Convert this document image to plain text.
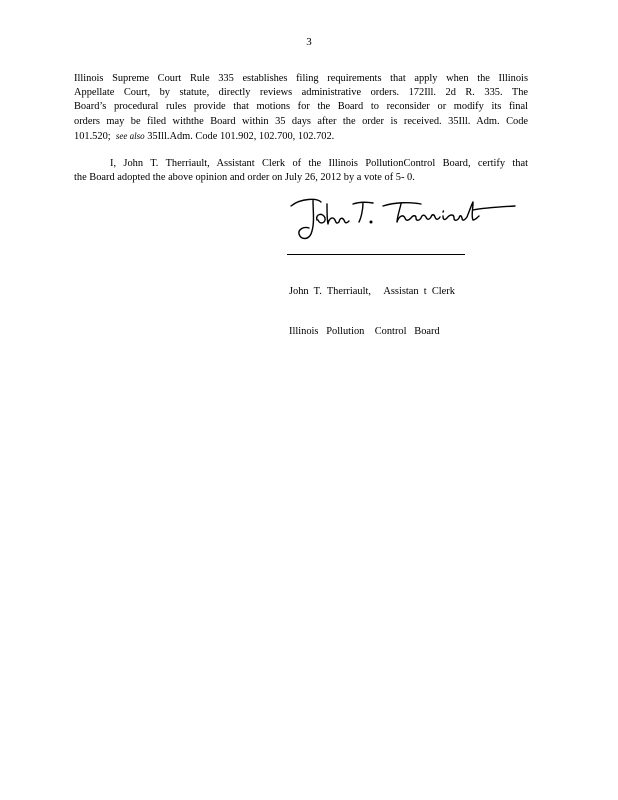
3

Illinois Supreme Court Rule 335 establishes filing requirements that apply when the Illinois
Appellate Court, by statute, directly reviews administrative orders. 172Ill. 2d R. 335. The
Board’s procedural rules provide that motions for the Board to reconsider or modify its final
orders may be filed withthe Board within 35 days after the order is received. 35Ill. Adm. Code
101.520; see also 35Ill.Adm. Code 101.902, 102.700, 102.702.

I, John T. Therriault, Assistant Clerk of the Illinois PollutionControl Board, certify that
the Board adopted the above opinion and order on July 26, 2012 by a vote of 5- 0.

John  T.  Therriault,     Assistan  t  Clerk

Illinois   Pollution    Control   Board
